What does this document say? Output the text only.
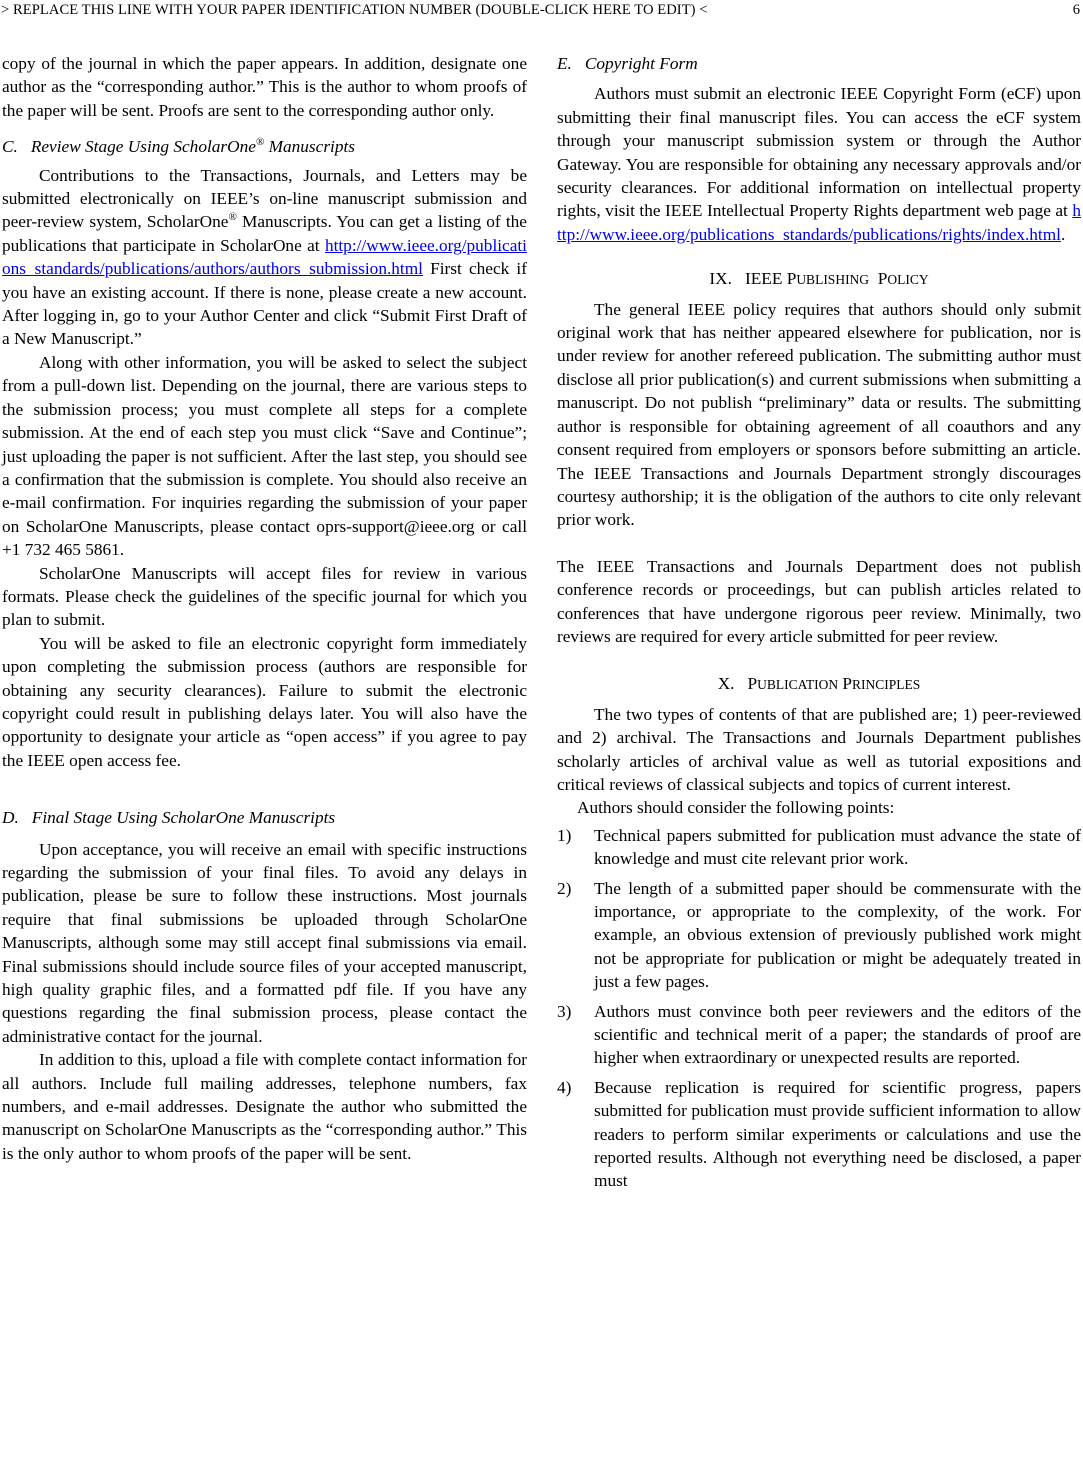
> REPLACE THIS LINE WITH YOUR PAPER IDENTIFICATION NUMBER (DOUBLE-CLICK HERE TO EDIT) <	6

copy of the journal in which the paper appears. In addition, designate one author as the “corresponding author.” This is the author to whom proofs of the paper will be sent. Proofs are sent to the corresponding author only.

C. Review Stage Using ScholarOne® Manuscripts

Contributions to the Transactions, Journals, and Letters may be submitted electronically on IEEE’s on-line manuscript submission and peer-review system, ScholarOne® Manuscripts. You can get a listing of the publications that participate in ScholarOne at http://www.ieee.org/publications_standards/publications/authors/authors_submission.html First check if you have an existing account. If there is none, please create a new account. After logging in, go to your Author Center and click “Submit First Draft of a New Manuscript.”

Along with other information, you will be asked to select the subject from a pull-down list. Depending on the journal, there are various steps to the submission process; you must complete all steps for a complete submission. At the end of each step you must click “Save and Continue”; just uploading the paper is not sufficient. After the last step, you should see a confirmation that the submission is complete. You should also receive an e-mail confirmation. For inquiries regarding the submission of your paper on ScholarOne Manuscripts, please contact oprs-support@ieee.org or call +1 732 465 5861.

ScholarOne Manuscripts will accept files for review in various formats. Please check the guidelines of the specific journal for which you plan to submit.

You will be asked to file an electronic copyright form immediately upon completing the submission process (authors are responsible for obtaining any security clearances). Failure to submit the electronic copyright could result in publishing delays later. You will also have the opportunity to designate your article as “open access” if you agree to pay the IEEE open access fee.

D. Final Stage Using ScholarOne Manuscripts

Upon acceptance, you will receive an email with specific instructions regarding the submission of your final files. To avoid any delays in publication, please be sure to follow these instructions. Most journals require that final submissions be uploaded through ScholarOne Manuscripts, although some may still accept final submissions via email. Final submissions should include source files of your accepted manuscript, high quality graphic files, and a formatted pdf file. If you have any questions regarding the final submission process, please contact the administrative contact for the journal.

In addition to this, upload a file with complete contact information for all authors. Include full mailing addresses, telephone numbers, fax numbers, and e-mail addresses. Designate the author who submitted the manuscript on ScholarOne Manuscripts as the “corresponding author.” This is the only author to whom proofs of the paper will be sent.

E. Copyright Form

Authors must submit an electronic IEEE Copyright Form (eCF) upon submitting their final manuscript files. You can access the eCF system through your manuscript submission system or through the Author Gateway. You are responsible for obtaining any necessary approvals and/or security clearances. For additional information on intellectual property rights, visit the IEEE Intellectual Property Rights department web page at http://www.ieee.org/publications_standards/publications/rights/index.html.

IX. IEEE PUBLISHING POLICY

The general IEEE policy requires that authors should only submit original work that has neither appeared elsewhere for publication, nor is under review for another refereed publication. The submitting author must disclose all prior publication(s) and current submissions when submitting a manuscript. Do not publish “preliminary” data or results. The submitting author is responsible for obtaining agreement of all coauthors and any consent required from employers or sponsors before submitting an article. The IEEE Transactions and Journals Department strongly discourages courtesy authorship; it is the obligation of the authors to cite only relevant prior work.

The IEEE Transactions and Journals Department does not publish conference records or proceedings, but can publish articles related to conferences that have undergone rigorous peer review. Minimally, two reviews are required for every article submitted for peer review.

X. PUBLICATION PRINCIPLES

The two types of contents of that are published are; 1) peer-reviewed and 2) archival. The Transactions and Journals Department publishes scholarly articles of archival value as well as tutorial expositions and critical reviews of classical subjects and topics of current interest.

Authors should consider the following points:

1) Technical papers submitted for publication must advance the state of knowledge and must cite relevant prior work.
2) The length of a submitted paper should be commensurate with the importance, or appropriate to the complexity, of the work. For example, an obvious extension of previously published work might not be appropriate for publication or might be adequately treated in just a few pages.
3) Authors must convince both peer reviewers and the editors of the scientific and technical merit of a paper; the standards of proof are higher when extraordinary or unexpected results are reported.
4) Because replication is required for scientific progress, papers submitted for publication must provide sufficient information to allow readers to perform similar experiments or calculations and use the reported results. Although not everything need be disclosed, a paper must
